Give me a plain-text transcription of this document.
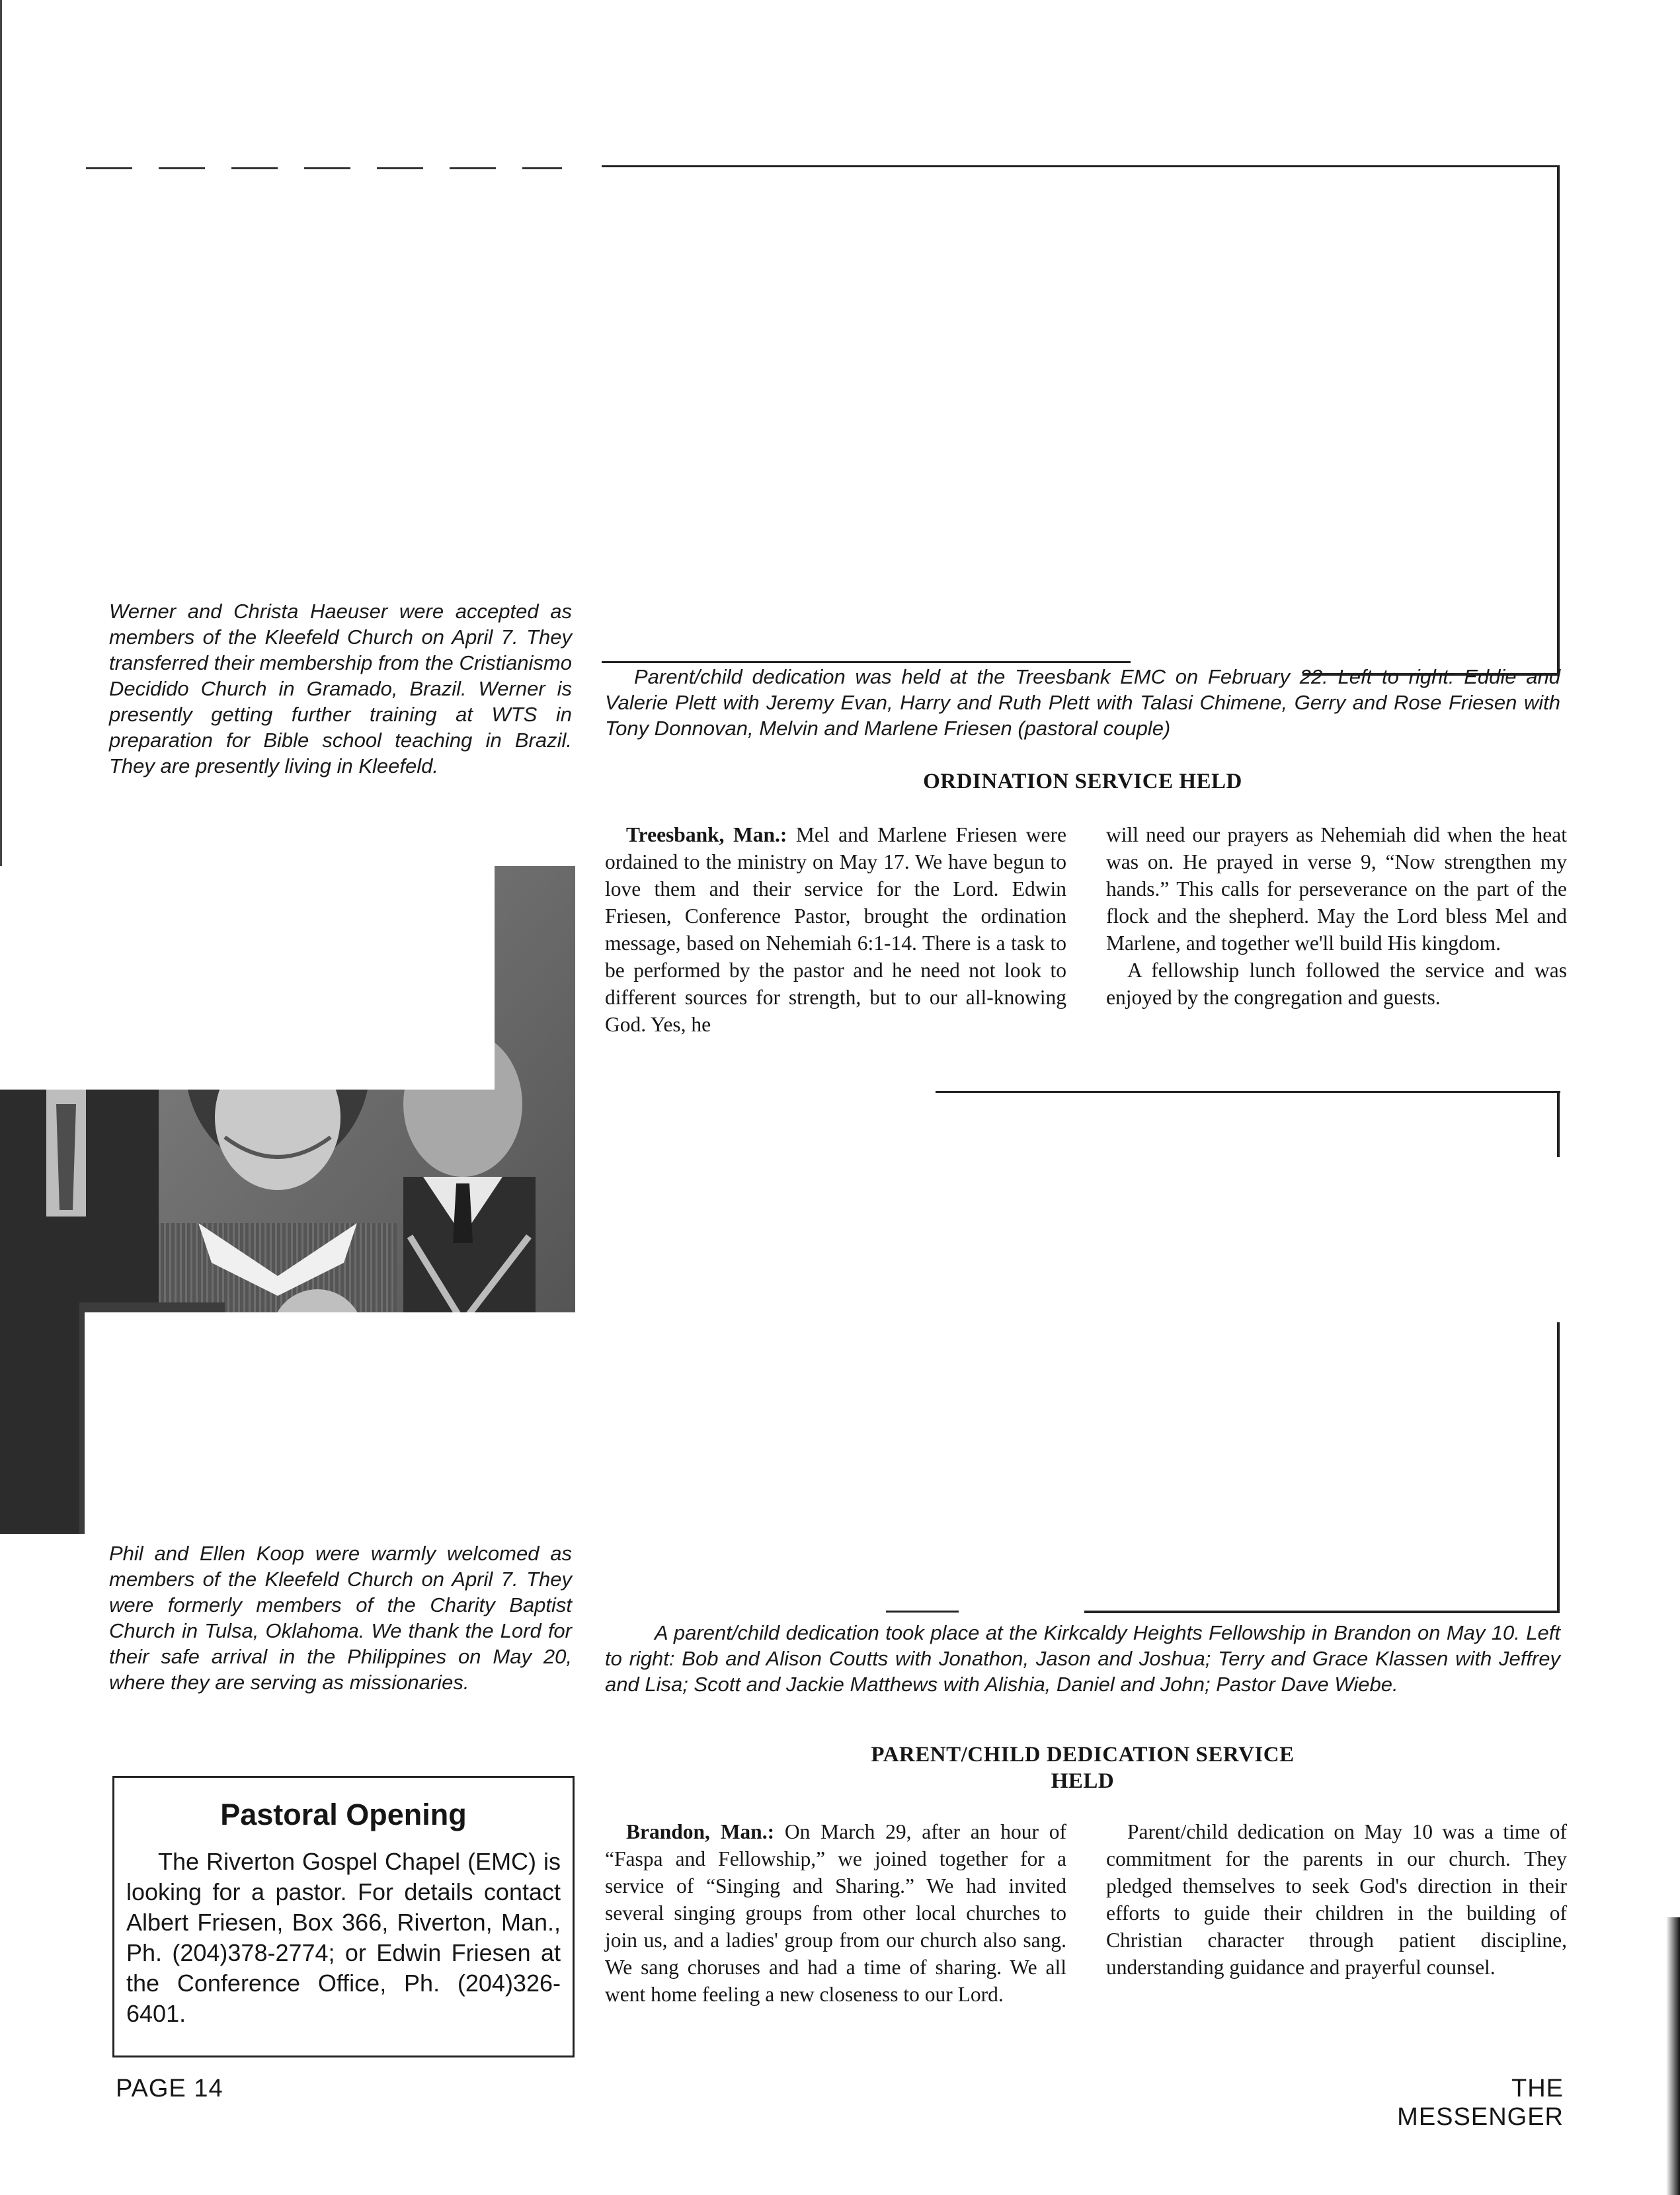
Werner and Christa Haeuser were accepted as members of the Kleefeld Church on April 7. They transferred their membership from the Cristianismo Decidido Church in Gramado, Brazil. Werner is presently getting further training at WTS in preparation for Bible school teaching in Brazil. They are presently living in Kleefeld.

Parent/child dedication was held at the Treesbank EMC on February 22. Left to right: Eddie and Valerie Plett with Jeremy Evan, Harry and Ruth Plett with Talasi Chimene, Gerry and Rose Friesen with Tony Donnovan, Melvin and Marlene Friesen (pastoral couple)

ORDINATION SERVICE HELD

Treesbank, Man.: Mel and Marlene Friesen were ordained to the ministry on May 17. We have begun to love them and their service for the Lord. Edwin Friesen, Conference Pastor, brought the ordination message, based on Nehemiah 6:1-14. There is a task to be performed by the pastor and he need not look to different sources for strength, but to our all-knowing God. Yes, he

will need our prayers as Nehemiah did when the heat was on. He prayed in verse 9, “Now strengthen my hands.” This calls for perseverance on the part of the flock and the shepherd. May the Lord bless Mel and Marlene, and together we'll build His kingdom.

A fellowship lunch followed the service and was enjoyed by the congregation and guests.

Phil and Ellen Koop were warmly welcomed as members of the Kleefeld Church on April 7. They were formerly members of the Charity Baptist Church in Tulsa, Oklahoma. We thank the Lord for their safe arrival in the Philippines on May 20, where they are serving as missionaries.

A parent/child dedication took place at the Kirkcaldy Heights Fellowship in Brandon on May 10. Left to right: Bob and Alison Coutts with Jonathon, Jason and Joshua; Terry and Grace Klassen with Jeffrey and Lisa; Scott and Jackie Matthews with Alishia, Daniel and John; Pastor Dave Wiebe.

PARENT/CHILD DEDICATION SERVICE
HELD

Brandon, Man.: On March 29, after an hour of “Faspa and Fellowship,” we joined together for a service of “Singing and Sharing.” We had invited several singing groups from other local churches to join us, and a ladies' group from our church also sang. We sang choruses and had a time of sharing. We all went home feeling a new closeness to our Lord.

Parent/child dedication on May 10 was a time of commitment for the parents in our church. They pledged themselves to seek God's direction in their efforts to guide their children in the building of Christian character through patient discipline, understanding guidance and prayerful counsel.

Pastoral Opening

The Riverton Gospel Chapel (EMC) is looking for a pastor. For details contact Albert Friesen, Box 366, Riverton, Man., Ph. (204)378-2774; or Edwin Friesen at the Conference Office, Ph. (204)326-6401.

PAGE 14	THE MESSENGER
